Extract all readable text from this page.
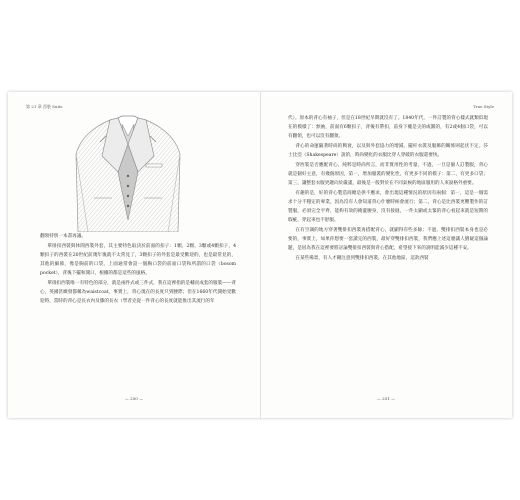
第 21 章 西裝 Suits

翻領特別一本書再議。

單排扣西裝與休閒西裝外套，其主要特色取決於前面的扣子：1顆、2顆、3顆或4顆扣子，4顆扣子的西裝在20世紀前幾年後就不太常見了，3顆扣子的外套是最受歡迎的，也是最常見的，其他的細節，像是胸前的口袋、上面通常會設一個胸口袋的前面口袋和所謂的口袋（bosom pocket），背後下擺和開口，根據的都是這些的風格。

單排扣西裝唯一有特色的部分，就是兩件式或三件式，我在這裡指的是輔貢成套的服裝——背心，英國甚緻發都稱為waistcoat，事實上，背心現在的長度只到腰際；但在1660年代開始受歡迎時，當時的背心是長衣內及膝的長衣（學者克從一件背心的長度就能推出其流行的年

— 250 —
True Style

代）。原本的背心有袖子，但是在18世紀早期就沒有了。1840年代，一件訂製的背心樣式就類似現在的模樣了：無袖，前面有6顆扣子，背後有帶扣，前身下襬是尖的或圓的，有2或4個口袋，可以有翻領，也可以沒有翻領。

背心的命運隨著時尚的興衰，以及與外套協力的增減，擺杆衣裝及服飾的關係則起伏不定。莎士比亞（Shakespeare）說的，時尚變化的衣服比穿人穿破的衣服還要快。

穿西裝是否應配背心，純粹是時尚所言，而非實用性的考量，不過，一旦是個人訂製服，背心就是個好主意，有幾個原因，第一，增加服裝的變化性，有更多不同的模子：第二，有更多口袋；第三，讓整套衣服更趨向於嚴謹，最後是一般對於在不同氣候的地區服用的人來說格外重要。

有趣的是，好的背心製造商總是供不應求，會出現這種情況的原因有兩個：第一，這是一個需求十分不穩定的專業，因為沒有人會知道背心什麼時候會流行；第二，背心是比西裝更難製作的訂製服，必須完全平齊，能夠有效的掩蓋腰身，沒有接縫，一件太顯或太緊的背心看起來就是短期的瑕疵，穿起來也不舒服。

在有空調的地方穿著雙排扣西裝再搭配背心，就顯得有些多餘；不過，雙排扣西裝本身也是必要的，事實上，如果你想要一套讀完的西裝，最好穿雙排扣西裝，我們應上述這麼讓人猶疑這個論題，是因為我在這裡要將討論雙排扣西裝與背心搭配，希望接下來的說明能減少這種不安。

在某些場景，有人才剛注意到雙排扣西裝，在其他地區，這款西裝

— 251 —
